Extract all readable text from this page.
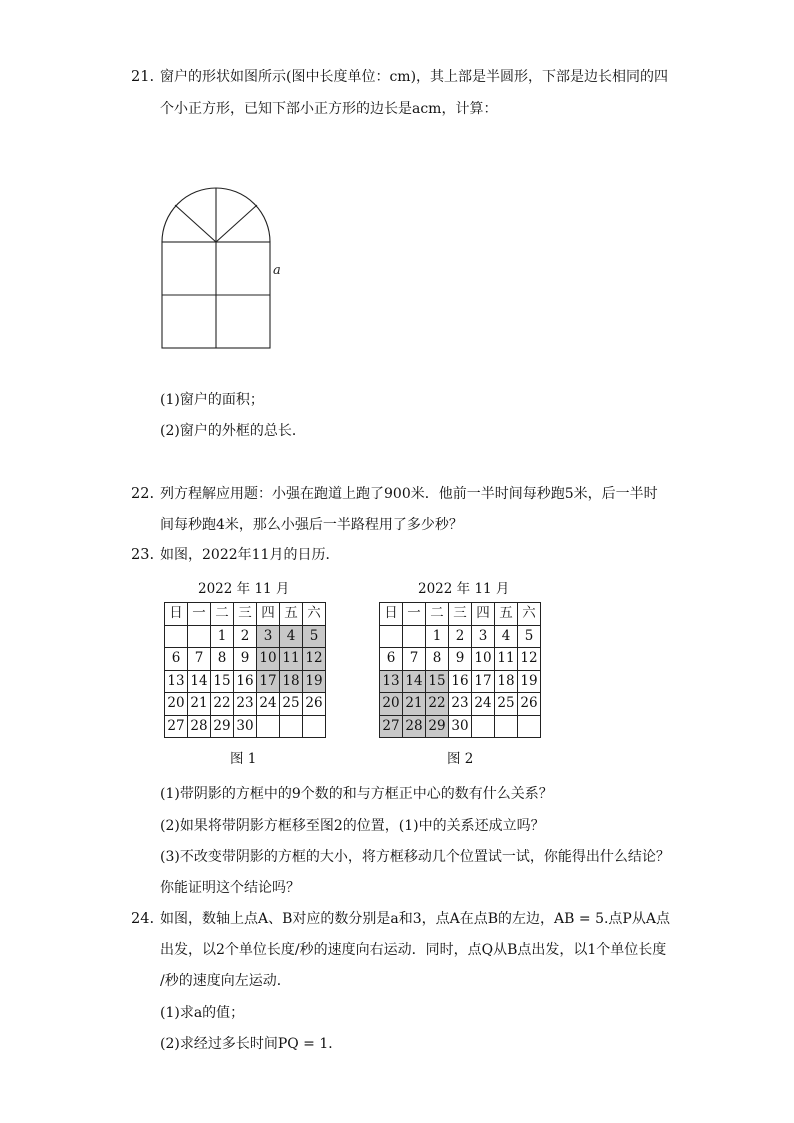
21. 窗户的形状如图所示(图中长度单位：cm)，其上部是半圆形，下部是边长相同的四
个小正方形，已知下部小正方形的边长是acm，计算：
a
(1)窗户的面积；
(2)窗户的外框的总长．
22. 列方程解应用题：小强在跑道上跑了900米．他前一半时间每秒跑5米，后一半时
间每秒跑4米，那么小强后一半路程用了多少秒？
23. 如图，2022年11月的日历．
2022 年 11 月	2022 年 11 月
日	一	二	三	四	五	六
		1	2	3	4	5
6	7	8	9	10	11	12
13	14	15	16	17	18	19
20	21	22	23	24	25	26
27	28	29	30			
日	一	二	三	四	五	六
		1	2	3	4	5
6	7	8	9	10	11	12
13	14	15	16	17	18	19
20	21	22	23	24	25	26
27	28	29	30			
图 1	图 2
(1)带阴影的方框中的9个数的和与方框正中心的数有什么关系？
(2)如果将带阴影方框移至图2的位置，(1)中的关系还成立吗？
(3)不改变带阴影的方框的大小，将方框移动几个位置试一试，你能得出什么结论？
你能证明这个结论吗？
24. 如图，数轴上点A、B对应的数分别是a和3，点A在点B的左边，AB = 5.点P从A点
出发，以2个单位长度/秒的速度向右运动．同时，点Q从B点出发，以1个单位长度
/秒的速度向左运动．
(1)求a的值；
(2)求经过多长时间PQ = 1．
